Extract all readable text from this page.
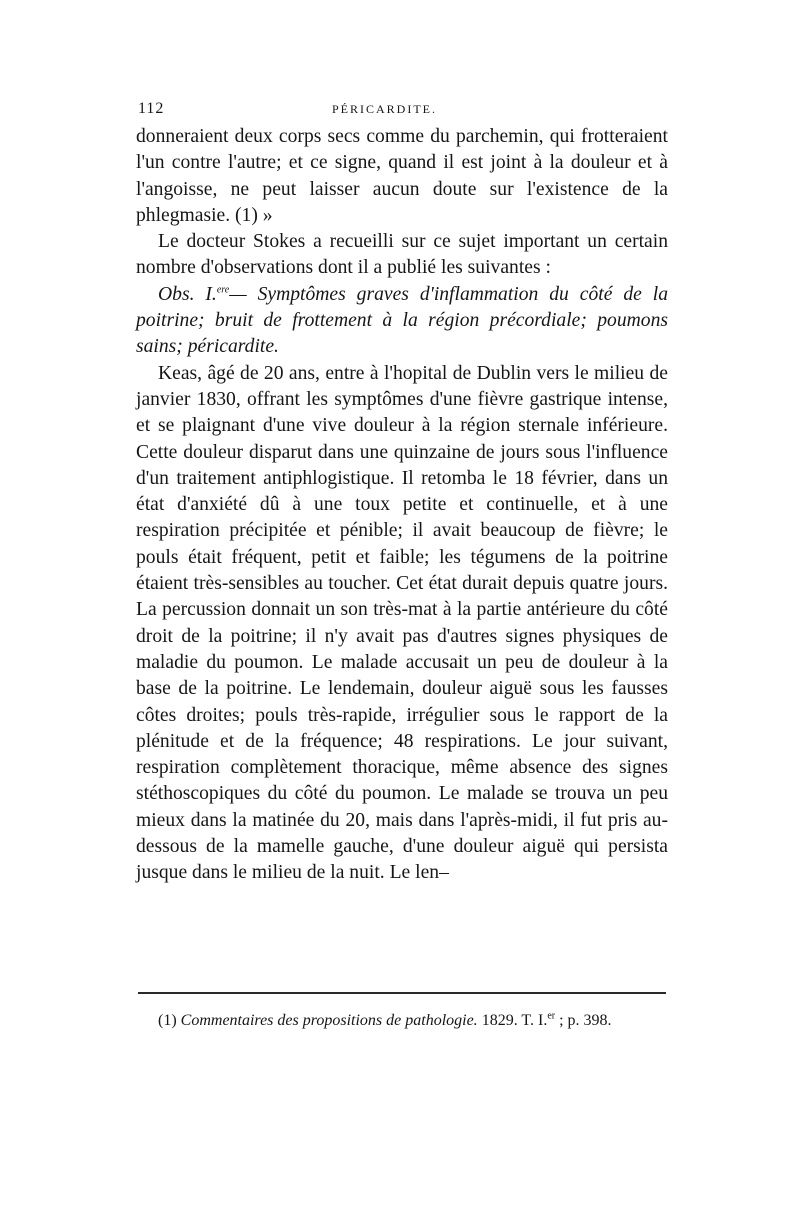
112	PÉRICARDITE.

donneraient deux corps secs comme du parchemin, qui frotteraient l'un contre l'autre; et ce signe, quand il est joint à la douleur et à l'angoisse, ne peut laisser aucun doute sur l'existence de la phlegmasie. (1) »

Le docteur Stokes a recueilli sur ce sujet important un certain nombre d'observations dont il a publié les suivantes :

Obs. I.$^{ere}$— Symptômes graves d'inflammation du côté de la poitrine; bruit de frottement à la région précordiale; poumons sains; péricardite.

Keas, âgé de 20 ans, entre à l'hopital de Dublin vers le milieu de janvier 1830, offrant les symptômes d'une fièvre gastrique intense, et se plaignant d'une vive douleur à la région sternale inférieure. Cette douleur disparut dans une quinzaine de jours sous l'influence d'un traitement antiphlogistique. Il retomba le 18 février, dans un état d'anxiété dû à une toux petite et continuelle, et à une respiration précipitée et pénible; il avait beaucoup de fièvre; le pouls était fréquent, petit et faible; les tégumens de la poitrine étaient très-sensibles au toucher. Cet état durait depuis quatre jours. La percussion donnait un son très-mat à la partie antérieure du côté droit de la poitrine; il n'y avait pas d'autres signes physiques de maladie du poumon. Le malade accusait un peu de douleur à la base de la poitrine. Le lendemain, douleur aiguë sous les fausses côtes droites; pouls très-rapide, irrégulier sous le rapport de la plénitude et de la fréquence; 48 respirations. Le jour suivant, respiration complètement thoracique, même absence des signes stéthoscopiques du côté du poumon. Le malade se trouva un peu mieux dans la matinée du 20, mais dans l'après-midi, il fut pris au-dessous de la mamelle gauche, d'une douleur aiguë qui persista jusque dans le milieu de la nuit. Le len–

(1) Commentaires des propositions de pathologie. 1829. T. I.$^{er}$ ; p. 398.
